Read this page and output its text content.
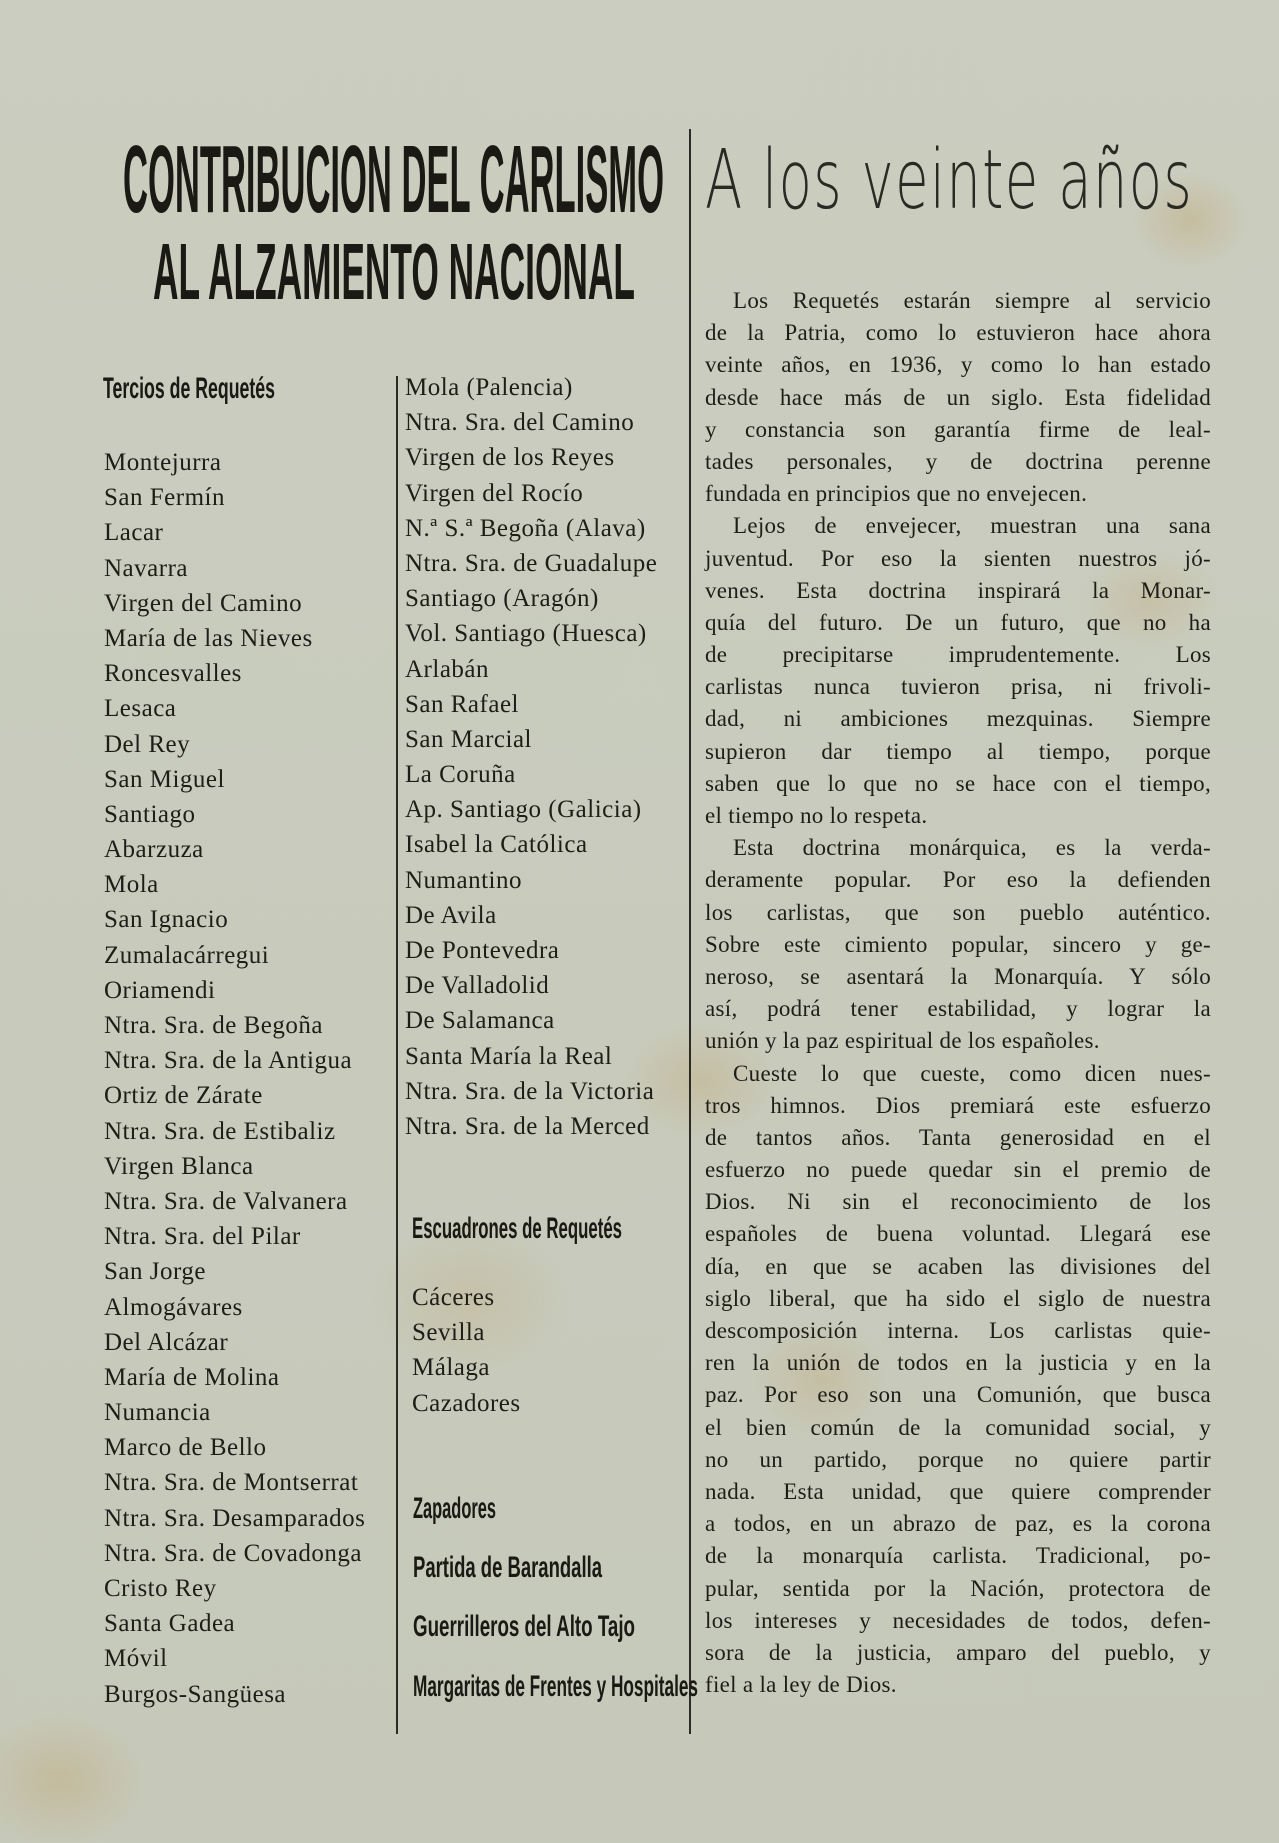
CONTRIBUCION DEL CARLISMO
AL ALZAMIENTO NACIONAL
A los veinte años
Tercios de Requetés
Montejurra
San Fermín
Lacar
Navarra
Virgen del Camino
María de las Nieves
Roncesvalles
Lesaca
Del Rey
San Miguel
Santiago
Abarzuza
Mola
San Ignacio
Zumalacárregui
Oriamendi
Ntra. Sra. de Begoña
Ntra. Sra. de la Antigua
Ortiz de Zárate
Ntra. Sra. de Estibaliz
Virgen Blanca
Ntra. Sra. de Valvanera
Ntra. Sra. del Pilar
San Jorge
Almogávares
Del Alcázar
María de Molina
Numancia
Marco de Bello
Ntra. Sra. de Montserrat
Ntra. Sra. Desamparados
Ntra. Sra. de Covadonga
Cristo Rey
Santa Gadea
Móvil
Burgos-Sangüesa
Mola (Palencia)
Ntra. Sra. del Camino
Virgen de los Reyes
Virgen del Rocío
N.ª S.ª Begoña (Alava)
Ntra. Sra. de Guadalupe
Santiago (Aragón)
Vol. Santiago (Huesca)
Arlabán
San Rafael
San Marcial
La Coruña
Ap. Santiago (Galicia)
Isabel la Católica
Numantino
De Avila
De Pontevedra
De Valladolid
De Salamanca
Santa María la Real
Ntra. Sra. de la Victoria
Ntra. Sra. de la Merced
Escuadrones de Requetés
Cáceres
Sevilla
Málaga
Cazadores
Zapadores
Partida de Barandalla
Guerrilleros del Alto Tajo
Margaritas de Frentes y Hospitales
Los Requetés estarán siempre al servicio
de la Patria, como lo estuvieron hace ahora
veinte años, en 1936, y como lo han estado
desde hace más de un siglo. Esta fidelidad
y constancia son garantía firme de leal-
tades personales, y de doctrina perenne
fundada en principios que no envejecen.
Lejos de envejecer, muestran una sana
juventud. Por eso la sienten nuestros jó-
venes. Esta doctrina inspirará la Monar-
quía del futuro. De un futuro, que no ha
de precipitarse imprudentemente. Los
carlistas nunca tuvieron prisa, ni frivoli-
dad, ni ambiciones mezquinas. Siempre
supieron dar tiempo al tiempo, porque
saben que lo que no se hace con el tiempo,
el tiempo no lo respeta.
Esta doctrina monárquica, es la verda-
deramente popular. Por eso la defienden
los carlistas, que son pueblo auténtico.
Sobre este cimiento popular, sincero y ge-
neroso, se asentará la Monarquía. Y sólo
así, podrá tener estabilidad, y lograr la
unión y la paz espiritual de los españoles.
Cueste lo que cueste, como dicen nues-
tros himnos. Dios premiará este esfuerzo
de tantos años. Tanta generosidad en el
esfuerzo no puede quedar sin el premio de
Dios. Ni sin el reconocimiento de los
españoles de buena voluntad. Llegará ese
día, en que se acaben las divisiones del
siglo liberal, que ha sido el siglo de nuestra
descomposición interna. Los carlistas quie-
ren la unión de todos en la justicia y en la
paz. Por eso son una Comunión, que busca
el bien común de la comunidad social, y
no un partido, porque no quiere partir
nada. Esta unidad, que quiere comprender
a todos, en un abrazo de paz, es la corona
de la monarquía carlista. Tradicional, po-
pular, sentida por la Nación, protectora de
los intereses y necesidades de todos, defen-
sora de la justicia, amparo del pueblo, y
fiel a la ley de Dios.
